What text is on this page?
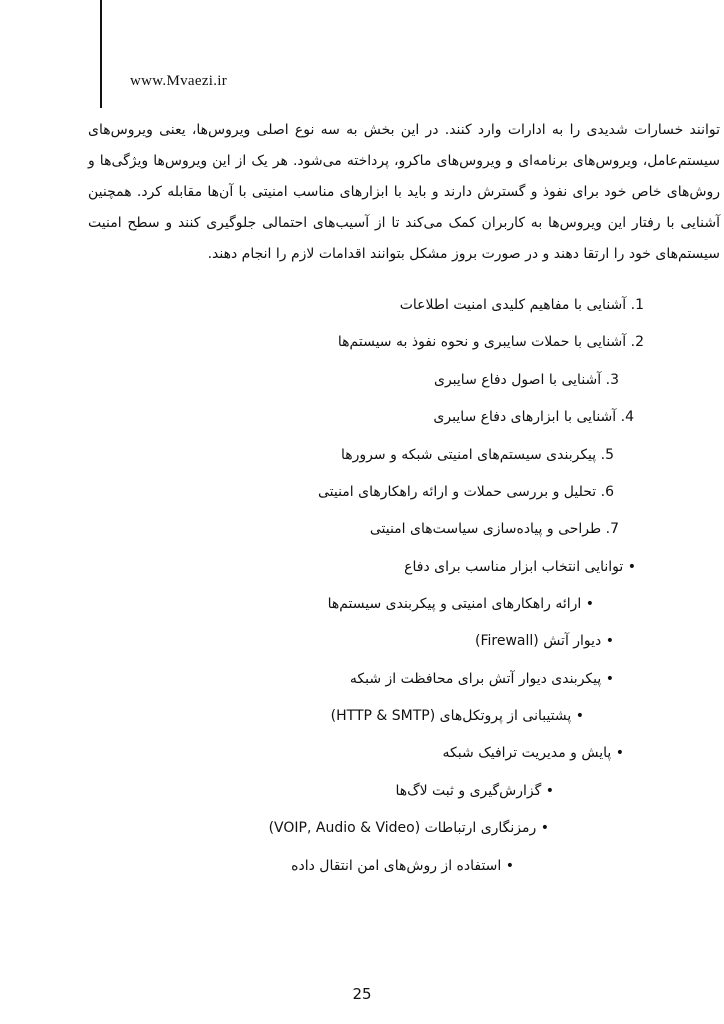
www.Mvaezi.ir
توانند خسارات شدیدی را به ادارات وارد کنند. در این بخش به سه نوع اصلی ویروس‌ها، یعنی ویروس‌های سیستم‌عامل، ویروس‌های برنامه‌ای و ویروس‌های ماکرو، پرداخته می‌شود. هر یک از این ویروس‌ها ویژگی‌ها و روش‌های خاص خود برای نفوذ و گسترش دارند و باید با ابزارهای مناسب امنیتی با آن‌ها مقابله کرد. همچنین آشنایی با رفتار این ویروس‌ها به کاربران کمک می‌کند تا از آسیب‌های احتمالی جلوگیری کنند و سطح امنیت سیستم‌های خود را ارتقا دهند و در صورت بروز مشکل بتوانند اقدامات لازم را انجام دهند.
1. آشنایی با مفاهیم کلیدی امنیت اطلاعات
2. آشنایی با حملات سایبری و نحوه نفوذ به سیستم‌ها
3. آشنایی با اصول دفاع سایبری
4. آشنایی با ابزارهای دفاع سایبری
5. پیکربندی سیستم‌های امنیتی شبکه و سرورها
6. تحلیل و بررسی حملات و ارائه راهکارهای امنیتی
7. طراحی و پیاده‌سازی سیاست‌های امنیتی
• توانایی انتخاب ابزار مناسب برای دفاع
• ارائه راهکارهای امنیتی و پیکربندی سیستم‌ها
• دیوار آتش (Firewall)
• پیکربندی دیوار آتش برای محافظت از شبکه
• پشتیبانی از پروتکل‌های (HTTP & SMTP)
• پایش و مدیریت ترافیک شبکه
• گزارش‌گیری و ثبت لاگ‌ها
• رمزنگاری ارتباطات (VOIP, Audio & Video)
• استفاده از روش‌های امن انتقال داده
25
